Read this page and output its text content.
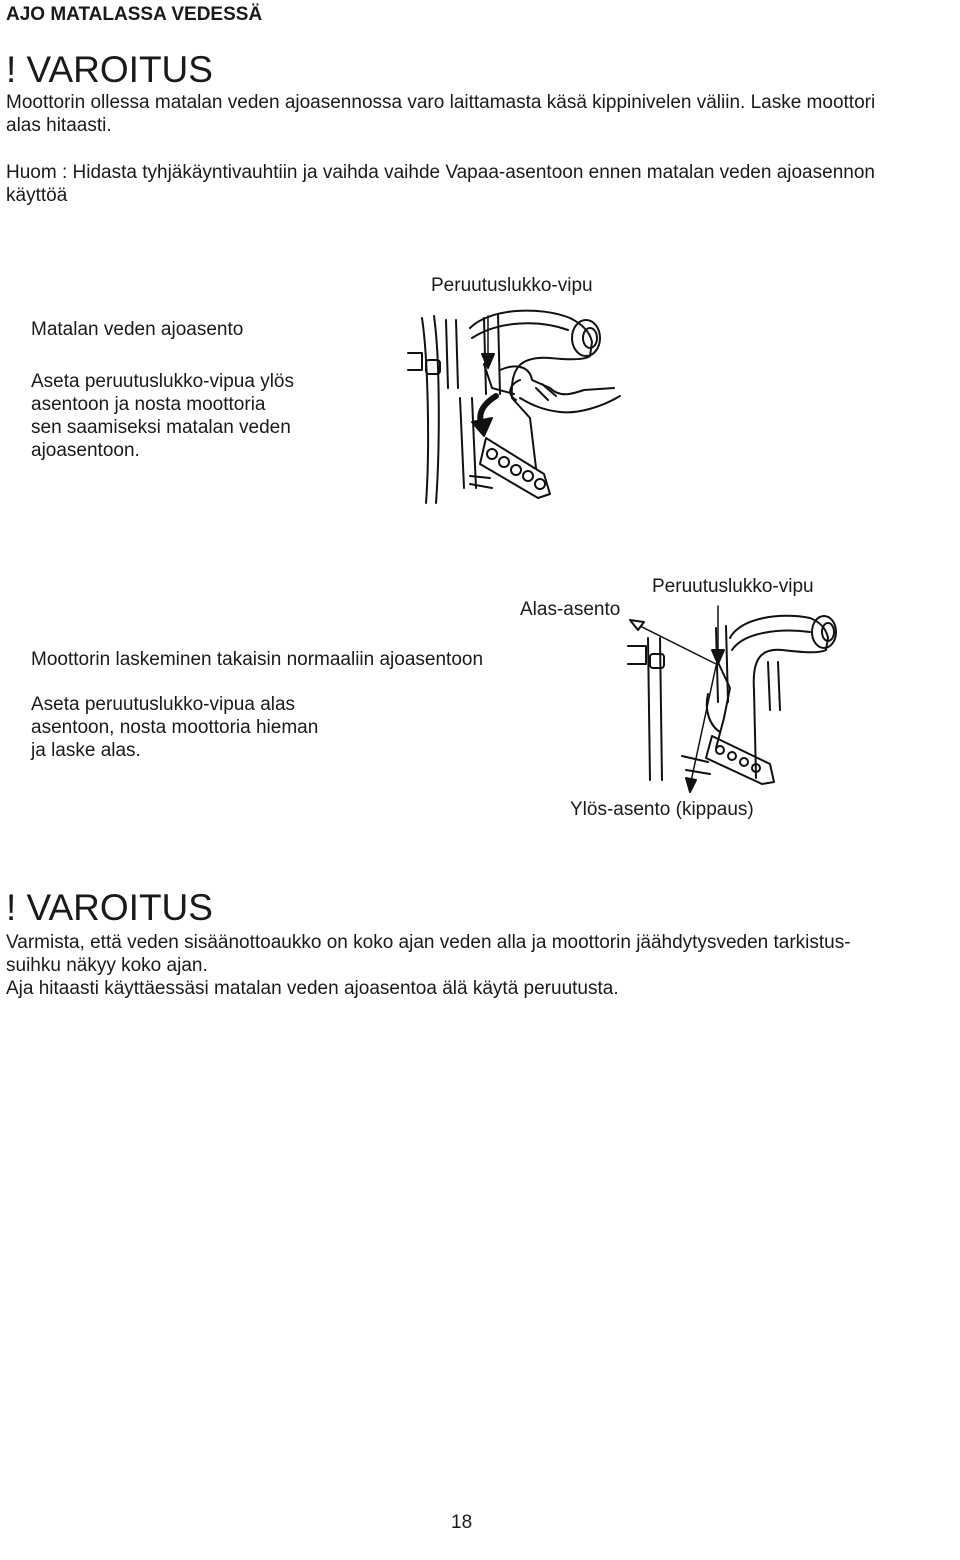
AJO MATALASSA VEDESSÄ
! VAROITUS

Moottorin ollessa matalan veden ajoasennossa varo laittamasta käsä kippinivelen väliin. Laske moottori

alas hitaasti.

Huom : Hidasta tyhjäkäyntivauhtiin ja vaihda vaihde Vapaa-asentoon ennen matalan veden ajoasennon

käyttöä

Peruutuslukko-vipu
Matalan veden ajoasento

Aseta peruutuslukko-vipua ylös

asentoon ja nosta moottoria

sen saamiseksi matalan veden

ajoasentoon.

Peruutuslukko-vipu
Alas-asento
Moottorin laskeminen takaisin normaaliin ajoasentoon

Aseta peruutuslukko-vipua alas

asentoon, nosta moottoria hieman

ja laske alas.

Ylös-asento (kippaus)
! VAROITUS

Varmista, että veden sisäänottoaukko on koko ajan veden alla ja moottorin jäähdytysveden tarkistus-

suihku näkyy koko ajan.

Aja hitaasti käyttäessäsi matalan veden ajoasentoa älä käytä peruutusta.

18
